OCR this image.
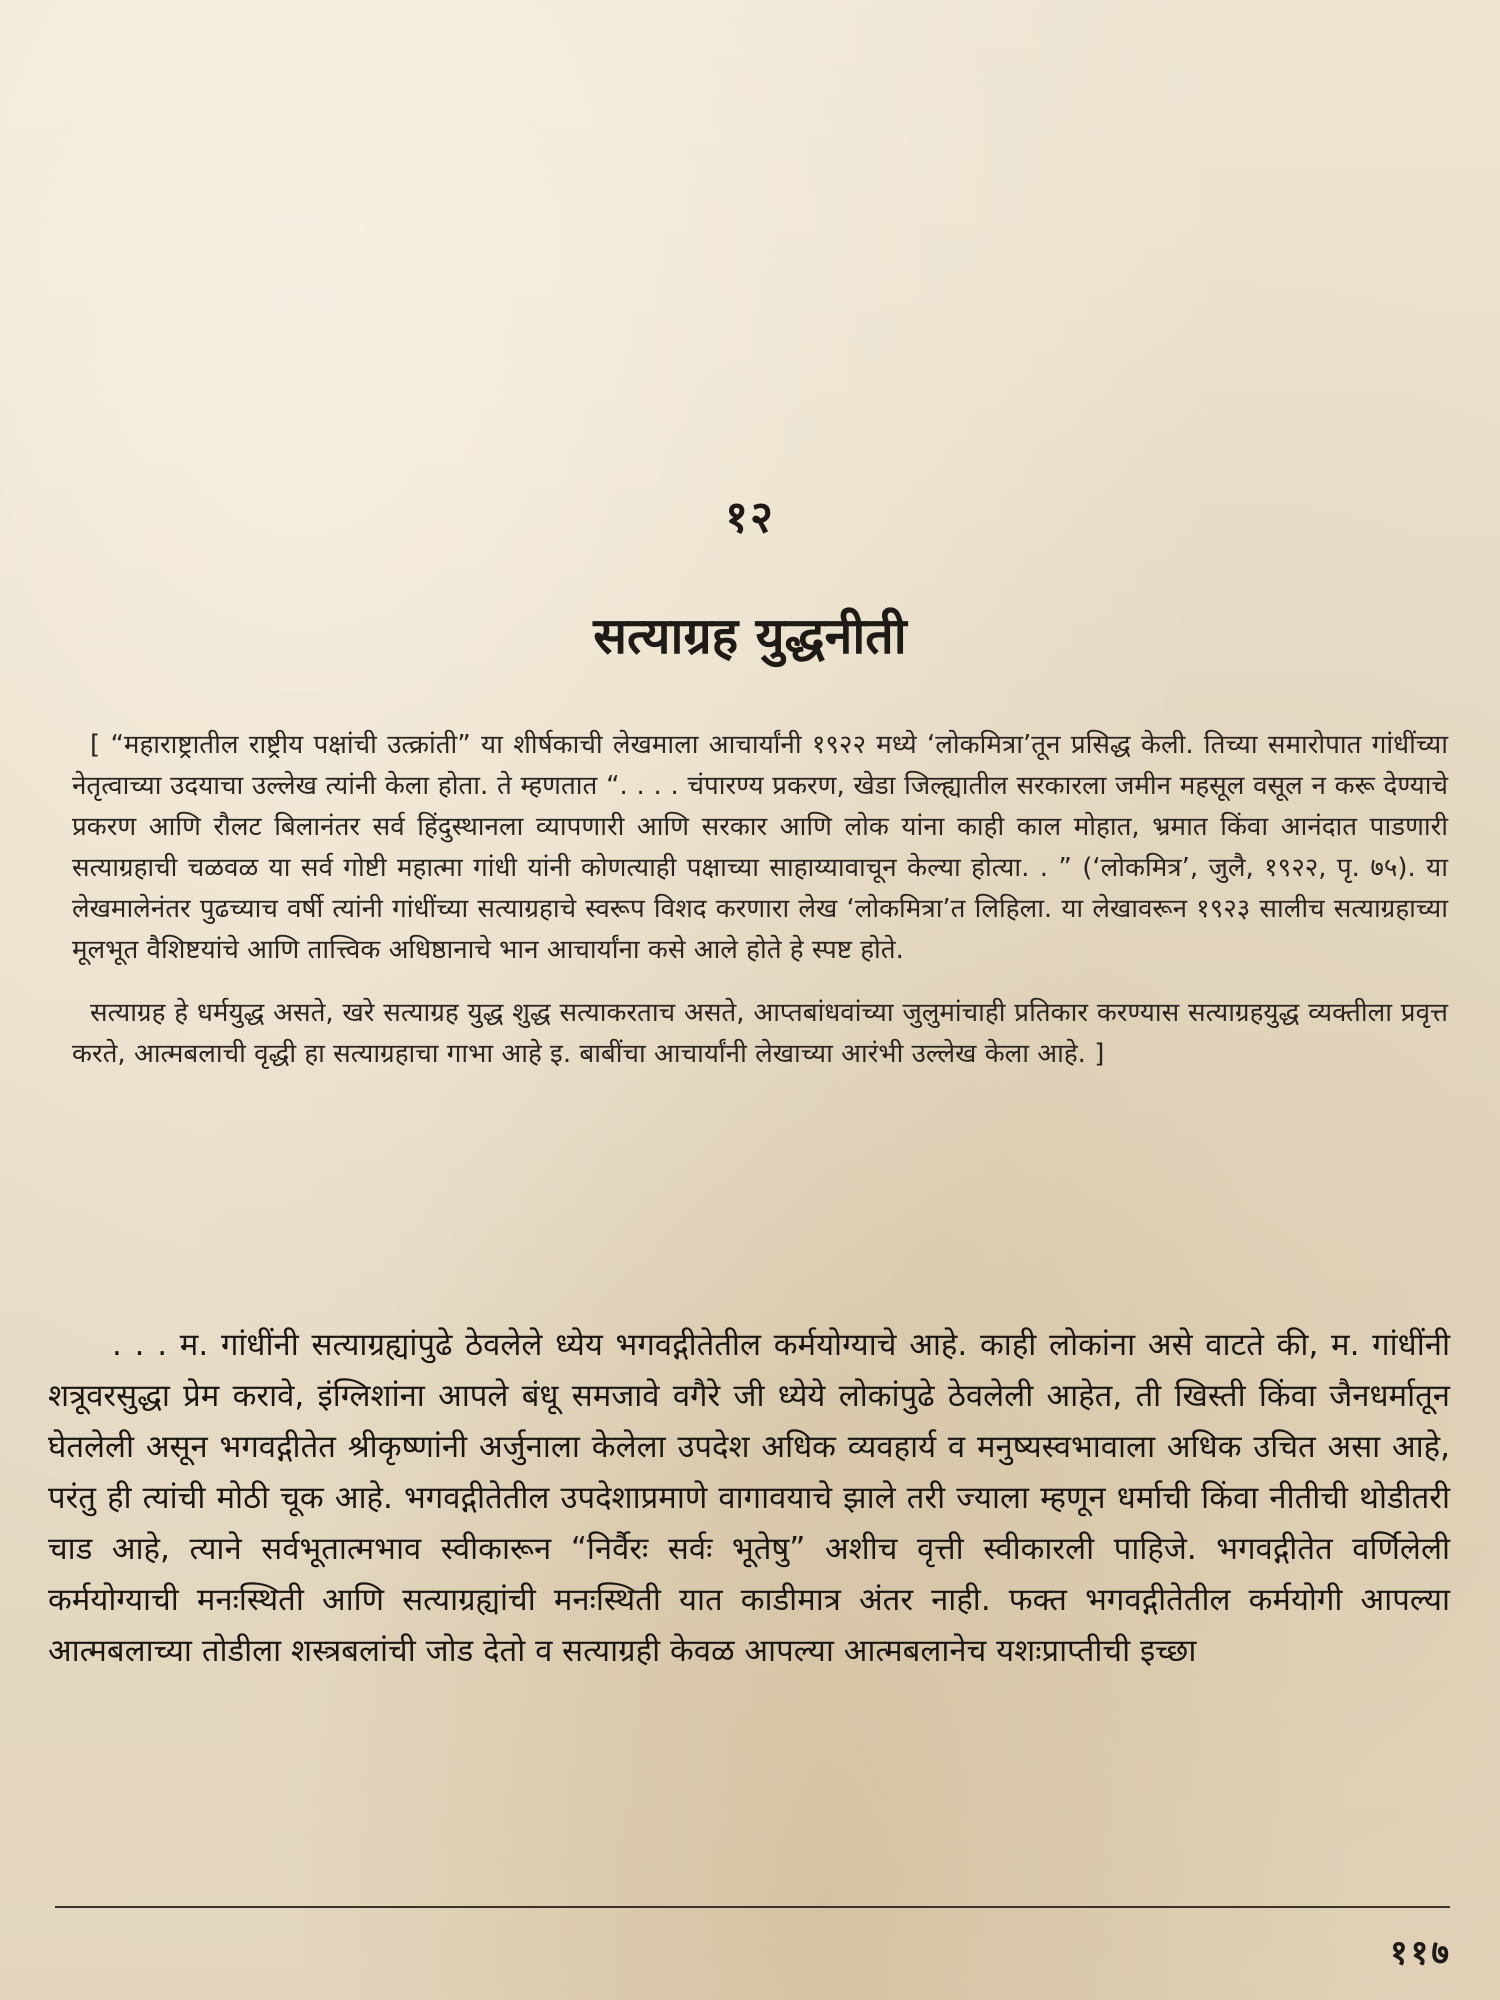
१२
सत्याग्रह युद्धनीती

[ “महाराष्ट्रातील राष्ट्रीय पक्षांची उत्क्रांती” या शीर्षकाची लेखमाला आचार्यांनी १९२२ मध्ये ‘लोकमित्रा’तून प्रसिद्ध केली. तिच्या समारोपात गांधींच्या नेतृत्वाच्या उदयाचा उल्लेख त्यांनी केला होता. ते म्हणतात “. . . . चंपारण्य प्रकरण, खेडा जिल्ह्यातील सरकारला जमीन महसूल वसूल न करू देण्याचे प्रकरण आणि रौलट बिलानंतर सर्व हिंदुस्थानला व्यापणारी आणि सरकार आणि लोक यांना काही काल मोहात, भ्रमात किंवा आनंदात पाडणारी सत्याग्रहाची चळवळ या सर्व गोष्टी महात्मा गांधी यांनी कोणत्याही पक्षाच्या साहाय्यावाचून केल्या होत्या. . ” (‘लोकमित्र’, जुलै, १९२२, पृ. ७५). या लेखमालेनंतर पुढच्याच वर्षी त्यांनी गांधींच्या सत्याग्रहाचे स्वरूप विशद करणारा लेख ‘लोकमित्रा’त लिहिला. या लेखावरून १९२३ सालीच सत्याग्रहाच्या मूलभूत वैशिष्टयांचे आणि तात्त्विक अधिष्ठानाचे भान आचार्यांना कसे आले होते हे स्पष्ट होते.

सत्याग्रह हे धर्मयुद्ध असते, खरे सत्याग्रह युद्ध शुद्ध सत्याकरताच असते, आप्तबांधवांच्या जुलुमांचाही प्रतिकार करण्यास सत्याग्रहयुद्ध व्यक्तीला प्रवृत्त करते, आत्मबलाची वृद्धी हा सत्याग्रहाचा गाभा आहे इ. बाबींचा आचार्यांनी लेखाच्या आरंभी उल्लेख केला आहे. ]

. . . म. गांधींनी सत्याग्रह्यांपुढे ठेवलेले ध्येय भगवद्गीतेतील कर्मयोग्याचे आहे. काही लोकांना असे वाटते की, म. गांधींनी शत्रूवरसुद्धा प्रेम करावे, इंग्लिशांना आपले बंधू समजावे वगैरे जी ध्येये लोकांपुढे ठेवलेली आहेत, ती खिस्ती किंवा जैनधर्मातून घेतलेली असून भगवद्गीतेत श्रीकृष्णांनी अर्जुनाला केलेला उपदेश अधिक व्यवहार्य व मनुष्यस्वभावाला अधिक उचित असा आहे, परंतु ही त्यांची मोठी चूक आहे. भगवद्गीतेतील उपदेशाप्रमाणे वागावयाचे झाले तरी ज्याला म्हणून धर्माची किंवा नीतीची थोडीतरी चाड आहे, त्याने सर्वभूतात्मभाव स्वीकारून “निर्वैरः सर्वः भूतेषु” अशीच वृत्ती स्वीकारली पाहिजे. भगवद्गीतेत वर्णिलेली कर्मयोग्याची मनःस्थिती आणि सत्याग्रह्यांची मनःस्थिती यात काडीमात्र अंतर नाही. फक्त भगवद्गीतेतील कर्मयोगी आपल्या आत्मबलाच्या तोडीला शस्त्रबलांची जोड देतो व सत्याग्रही केवळ आपल्या आत्मबलानेच यशःप्राप्तीची इच्छा

११७
